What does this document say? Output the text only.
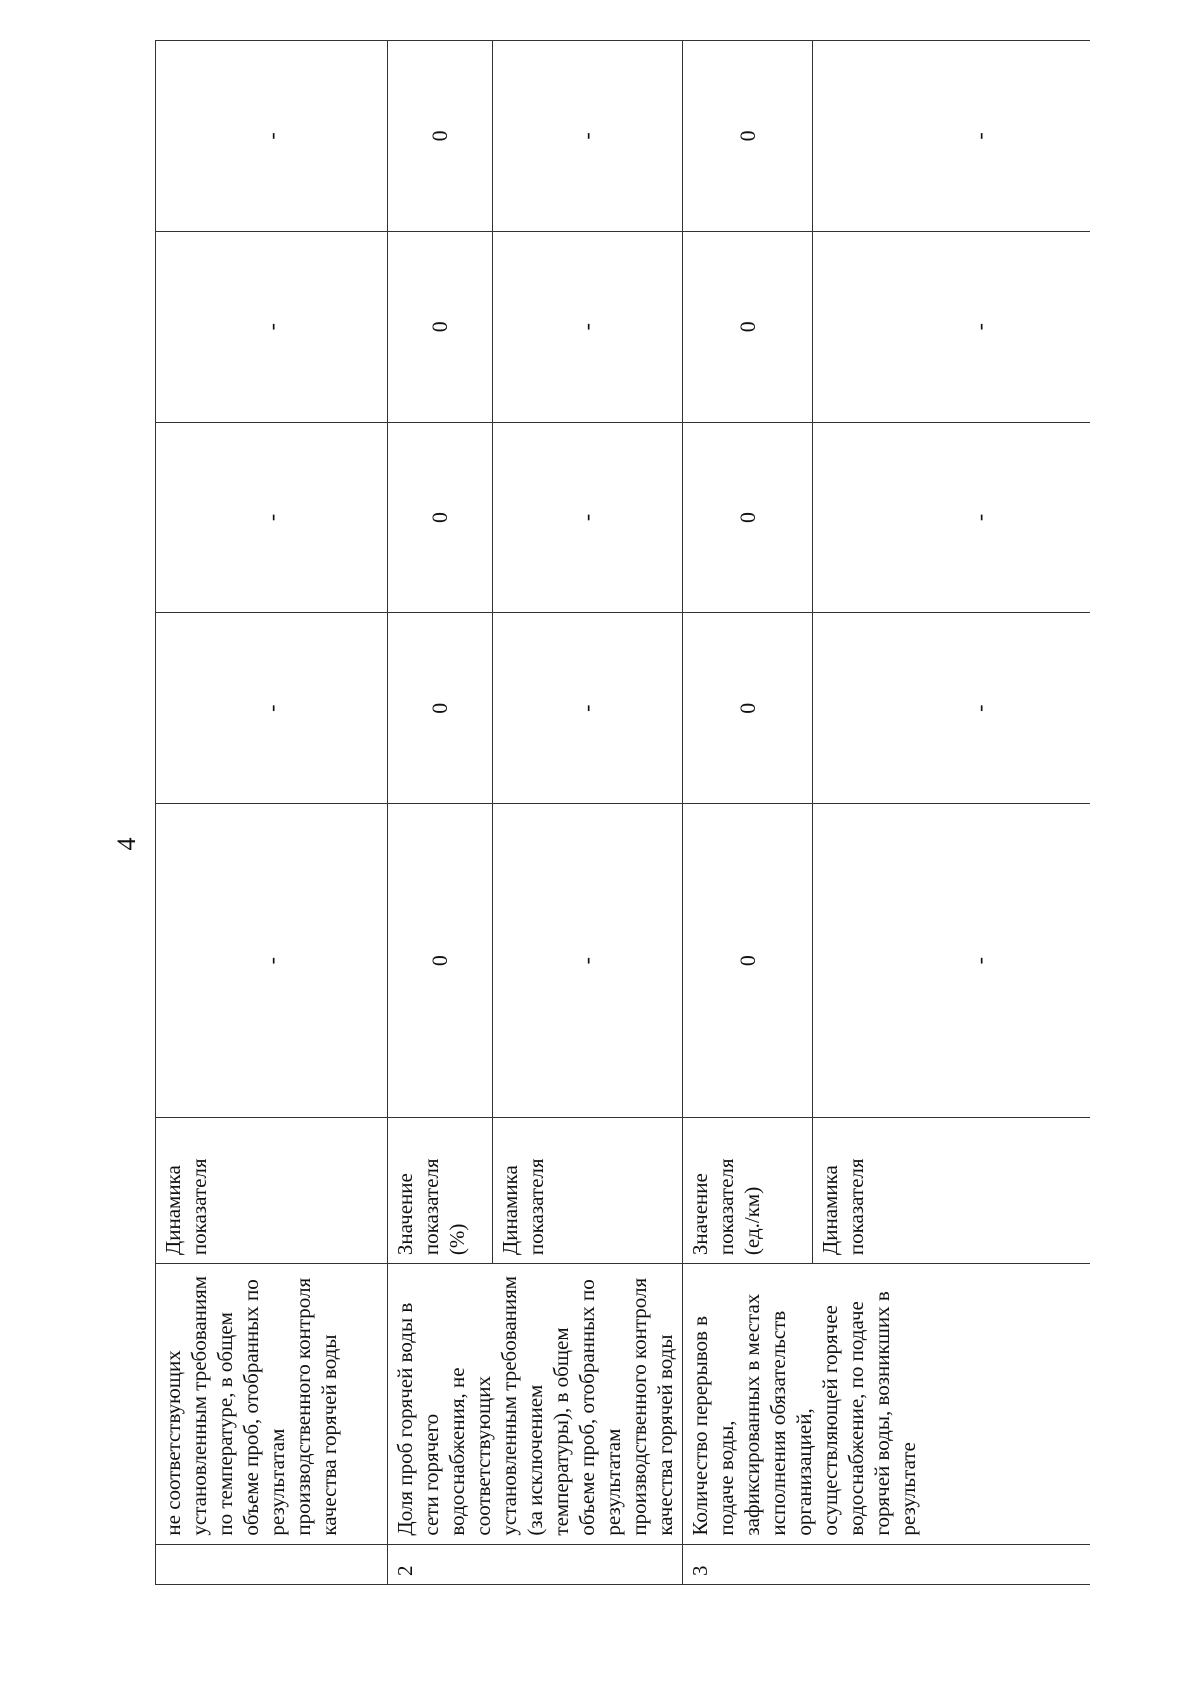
4
	не соответствующих установленным требованиям по температуре, в общем объеме проб, отобранных по результатам производственного контроля качества горячей воды	Динамика показателя	-	-	-	-	-
2	Доля проб горячей воды в сети горячего водоснабжения, не соответствующих установленным требованиям (за исключением температуры), в общем объеме проб, отобранных по результатам производственного контроля качества горячей воды	Значение показателя (%)	0	0	0	0	0
		Динамика показателя	-	-	-	-	-
3	Количество перерывов в подаче воды, зафиксированных в местах исполнения обязательств организацией, осуществляющей горячее водоснабжение, по подаче горячей воды, возникших в результате	Значение показателя (ед./км)	0	0	0	0	0
		Динамика показателя	-	-	-	-	-
